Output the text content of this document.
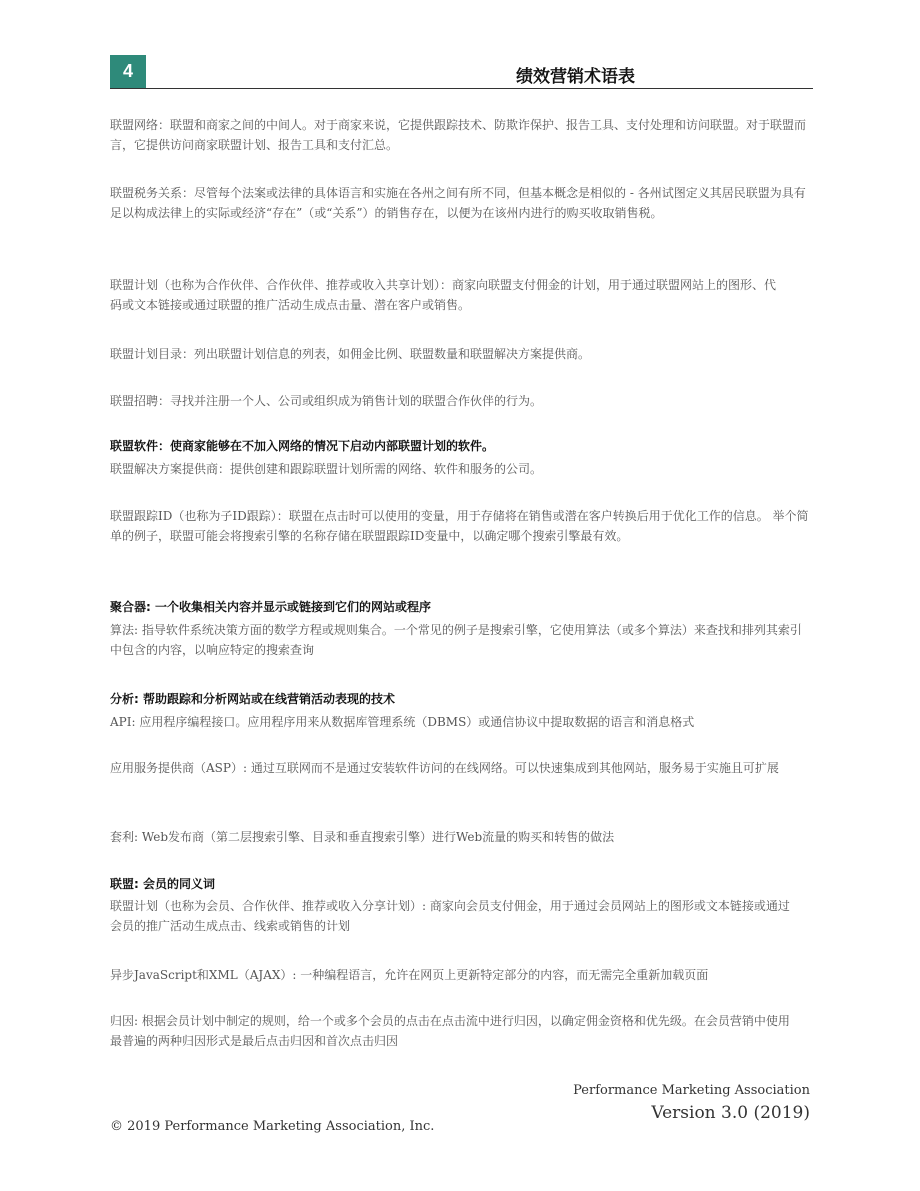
4	绩效营销术语表
联盟网络：联盟和商家之间的中间人。对于商家来说，它提供跟踪技术、防欺诈保护、报告工具、支付处理和访问联盟。对于联盟而言，它提供访问商家联盟计划、报告工具和支付汇总。
联盟税务关系：尽管每个法案或法律的具体语言和实施在各州之间有所不同，但基本概念是相似的 - 各州试图定义其居民联盟为具有足以构成法律上的实际或经济“存在”（或“关系”）的销售存在，以便为在该州内进行的购买收取销售税。
联盟计划（也称为合作伙伴、合作伙伴、推荐或收入共享计划）：商家向联盟支付佣金的计划，用于通过联盟网站上的图形、代码或文本链接或通过联盟的推广活动生成点击量、潜在客户或销售。
联盟计划目录：列出联盟计划信息的列表，如佣金比例、联盟数量和联盟解决方案提供商。
联盟招聘：寻找并注册一个人、公司或组织成为销售计划的联盟合作伙伴的行为。
联盟软件：使商家能够在不加入网络的情况下启动内部联盟计划的软件。
联盟解决方案提供商：提供创建和跟踪联盟计划所需的网络、软件和服务的公司。
联盟跟踪ID（也称为子ID跟踪）：联盟在点击时可以使用的变量，用于存储将在销售或潜在客户转换后用于优化工作的信息。 举个简单的例子，联盟可能会将搜索引擎的名称存储在联盟跟踪ID变量中，以确定哪个搜索引擎最有效。
聚合器: 一个收集相关内容并显示或链接到它们的网站或程序
算法: 指导软件系统决策方面的数学方程或规则集合。一个常见的例子是搜索引擎，它使用算法（或多个算法）来查找和排列其索引中包含的内容，以响应特定的搜索查询
分析: 帮助跟踪和分析网站或在线营销活动表现的技术
API: 应用程序编程接口。应用程序用来从数据库管理系统（DBMS）或通信协议中提取数据的语言和消息格式
应用服务提供商（ASP）: 通过互联网而不是通过安装软件访问的在线网络。可以快速集成到其他网站，服务易于实施且可扩展
套利: Web发布商（第二层搜索引擎、目录和垂直搜索引擎）进行Web流量的购买和转售的做法
联盟: 会员的同义词
联盟计划（也称为会员、合作伙伴、推荐或收入分享计划）: 商家向会员支付佣金，用于通过会员网站上的图形或文本链接或通过会员的推广活动生成点击、线索或销售的计划
异步JavaScript和XML（AJAX）: 一种编程语言，允许在网页上更新特定部分的内容，而无需完全重新加载页面
归因: 根据会员计划中制定的规则，给一个或多个会员的点击在点击流中进行归因，以确定佣金资格和优先级。在会员营销中使用最普遍的两种归因形式是最后点击归因和首次点击归因
Performance Marketing Association
Version 3.0 (2019)
© 2019 Performance Marketing Association, Inc.
